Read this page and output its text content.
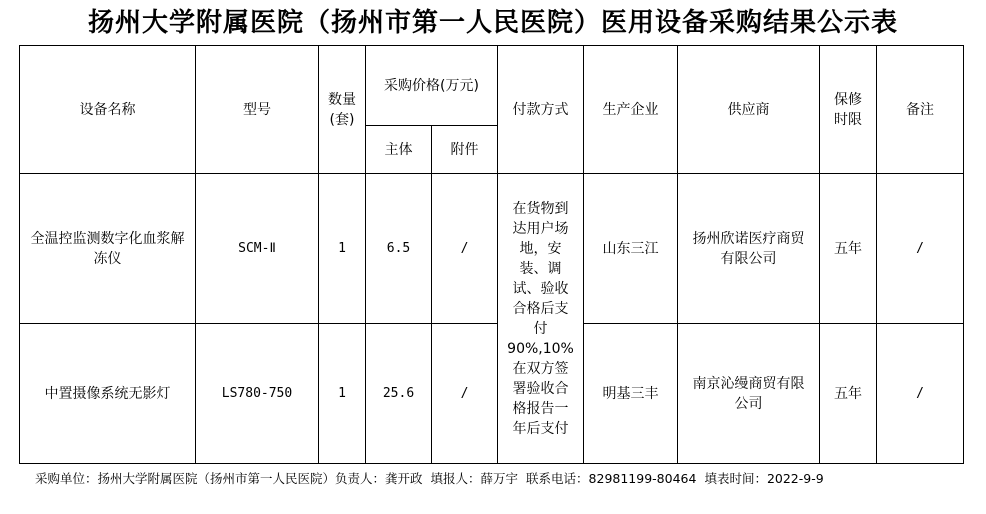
扬州大学附属医院（扬州市第一人民医院）医用设备采购结果公示表
设备名称	型号	数量(套)	采购价格(万元)		付款方式	生产企业	供应商	保修时限	备注
			主体	附件					
全温控监测数字化血浆解冻仪	SCM-Ⅱ	1	6.5	/	在货物到达用户场地，安装、调试、验收合格后支付 90%,10%在双方签署验收合格报告一年后支付	山东三江	扬州欣诺医疗商贸有限公司	五年	/
中置摄像系统无影灯	LS780-750	1	25.6	/		明基三丰	南京沁缦商贸有限公司	五年	/
采购单位：扬州大学附属医院（扬州市第一人民医院）负责人：龚开政 填报人：薛万宇 联系电话：82981199-80464 填表时间：2022-9-9
